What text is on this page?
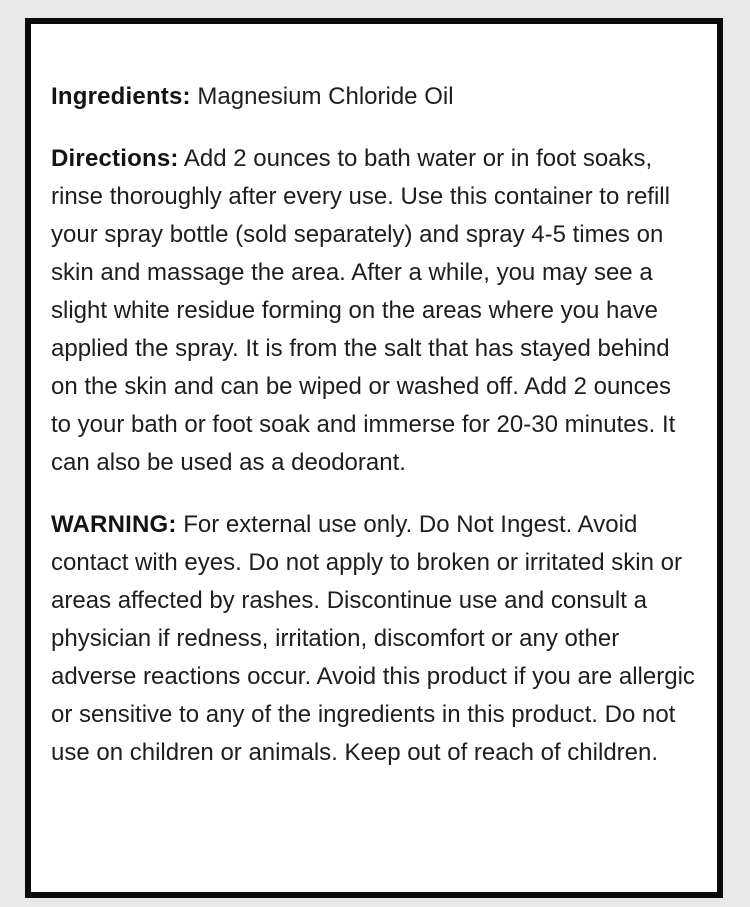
Ingredients: Magnesium Chloride Oil

Directions: Add 2 ounces to bath water or in foot soaks, rinse thoroughly after every use. Use this container to refill your spray bottle (sold separately) and spray 4-5 times on skin and massage the area. After a while, you may see a slight white residue forming on the areas where you have applied the spray. It is from the salt that has stayed behind on the skin and can be wiped or washed off. Add 2 ounces to your bath or foot soak and immerse for 20-30 minutes. It can also be used as a deodorant.

WARNING: For external use only. Do Not Ingest. Avoid contact with eyes. Do not apply to broken or irritated skin or areas affected by rashes. Discontinue use and consult a physician if redness, irritation, discomfort or any other adverse reactions occur. Avoid this product if you are allergic or sensitive to any of the ingredients in this product. Do not use on children or animals. Keep out of reach of children.
